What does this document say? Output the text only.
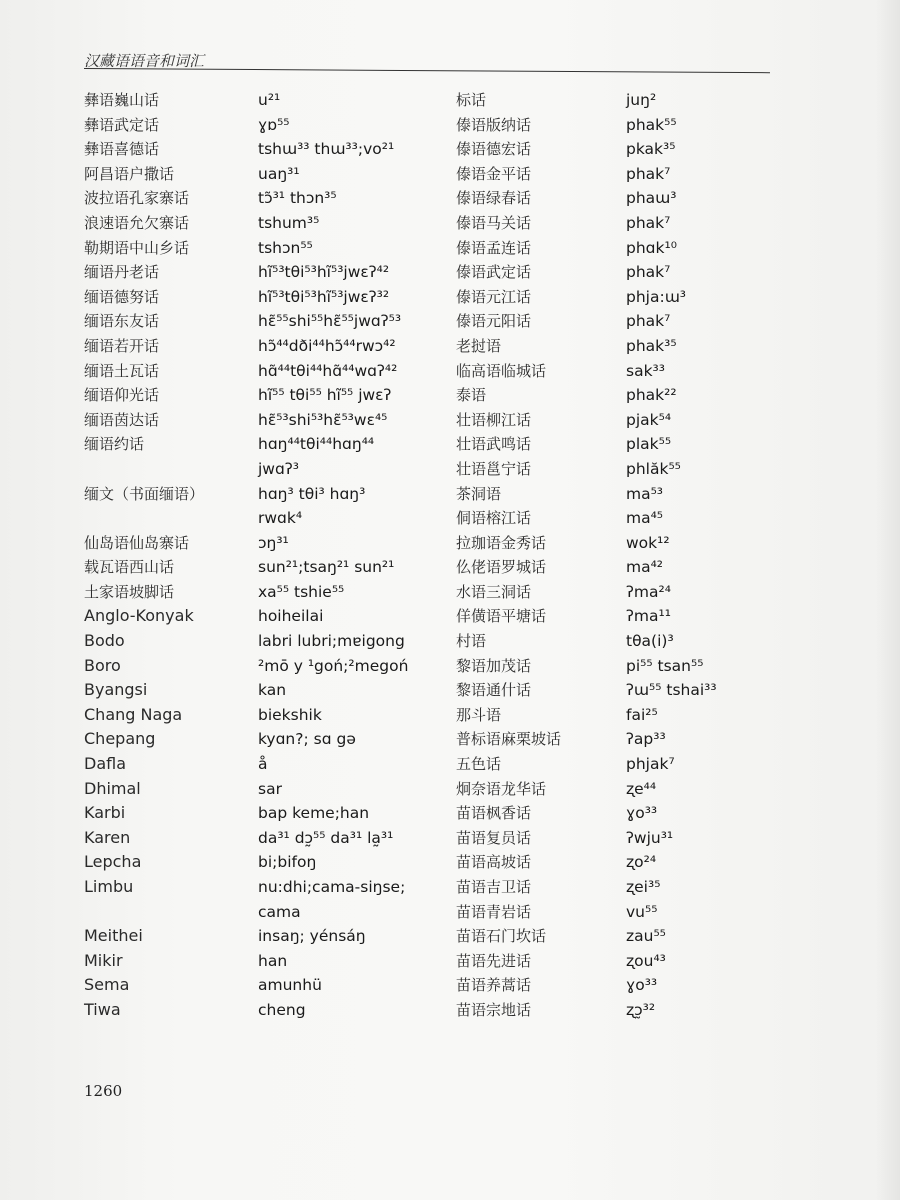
汉藏语语音和词汇
彝语巍山话
彝语武定话
彝语喜德话
阿昌语户撒话
波拉语孔家寨话
浪速语允欠寨话
勒期语中山乡话
缅语丹老话
缅语德努话
缅语东友话
缅语若开话
缅语土瓦话
缅语仰光话
缅语茵达话
缅语约话
缅文（书面缅语）
仙岛语仙岛寨话
载瓦语西山话
土家语坡脚话
Anglo-Konyak
Bodo
Boro
Byangsi
Chang Naga
Chepang
Dafla
Dhimal
Karbi
Karen
Lepcha
Limbu
Meithei
Mikir
Sema
Tiwa
u²¹
ɣɒ⁵⁵
tshɯ³³ thɯ³³;vo²¹
uaŋ³¹
tɔ̃³¹ thɔn³⁵
tshum³⁵
tshɔn⁵⁵
hĩ⁵³tθi⁵³hĩ⁵³jwɛʔ⁴²
hĩ⁵³tθi⁵³hĩ⁵³jwɛʔ³²
hɛ̃⁵⁵shi⁵⁵hɛ̃⁵⁵jwɑʔ⁵³
hɔ̃⁴⁴dði⁴⁴hɔ̃⁴⁴rwɔ⁴²
hɑ̃⁴⁴tθi⁴⁴hɑ̃⁴⁴wɑʔ⁴²
hĩ⁵⁵ tθi⁵⁵ hĩ⁵⁵ jwɛʔ
hɛ̃⁵³shi⁵³hɛ̃⁵³wɛ⁴⁵
hɑŋ⁴⁴tθi⁴⁴hɑŋ⁴⁴
jwɑʔ³
hɑŋ³ tθi³ hɑŋ³
rwɑk⁴
ɔŋ³¹
sun²¹;tsaŋ²¹ sun²¹
xa⁵⁵ tshie⁵⁵
hoiheilai
labri lubri;mɐigong
²mō y ¹goń;²megoń
kan
biekshik
kyɑn?; sɑ gə
å
sar
bap keme;han
da³¹ dɔ̰⁵⁵ da³¹ la̰³¹
bi;bifoŋ
nu:dhi;cama-siŋse;
cama
insaŋ; yénsáŋ
han
amunhü
cheng
标话
傣语版纳话
傣语德宏话
傣语金平话
傣语绿春话
傣语马关话
傣语孟连话
傣语武定话
傣语元江话
傣语元阳话
老挝语
临高语临城话
泰语
壮语柳江话
壮语武鸣话
壮语邕宁话
茶洞语
侗语榕江话
拉珈语金秀话
仫佬语罗城话
水语三洞话
佯僙语平塘话
村语
黎语加茂话
黎语通什话
那斗语
普标语麻栗坡话
五色话
炯奈语龙华话
苗语枫香话
苗语复员话
苗语高坡话
苗语吉卫话
苗语青岩话
苗语石门坎话
苗语先进话
苗语养蒿话
苗语宗地话
juŋ²
phak⁵⁵
pkak³⁵
phak⁷
phaɯ³
phak⁷
phɑk¹⁰
phak⁷
phja:ɯ³
phak⁷
phak³⁵
sak³³
phak²²
pjak⁵⁴
plak⁵⁵
phlăk⁵⁵
ma⁵³
ma⁴⁵
wok¹²
ma⁴²
ʔma²⁴
ʔma¹¹
tθa(i)³
pi⁵⁵ tsan⁵⁵
ʔɯ⁵⁵ tshai³³
fai²⁵
ʔap³³
phjak⁷
ʐe⁴⁴
ɣo³³
ʔwju³¹
ʐo²⁴
ʐei³⁵
vu⁵⁵
zau⁵⁵
ʐou⁴³
ɣo³³
ʐɔ̰³²
1260
